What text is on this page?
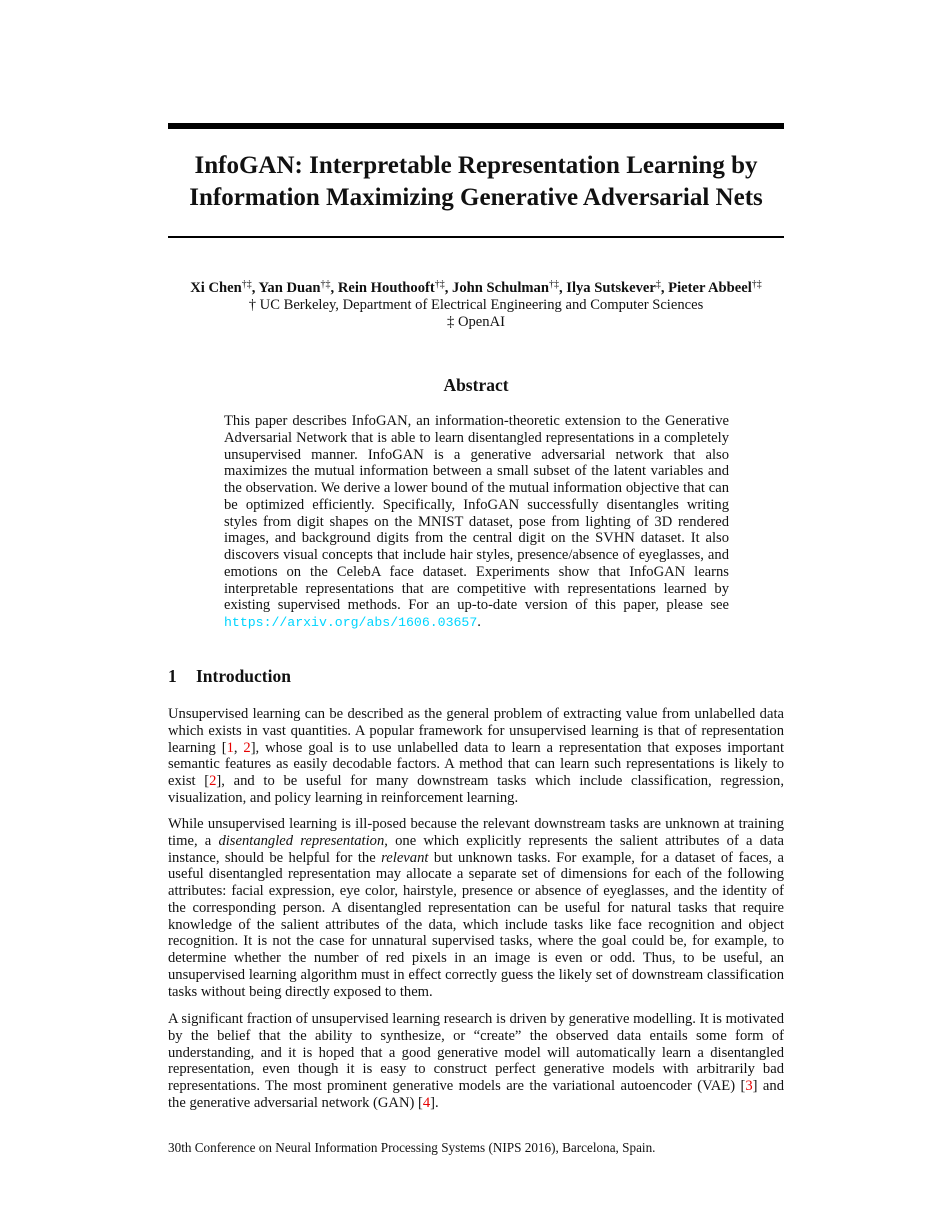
InfoGAN: Interpretable Representation Learning by
Information Maximizing Generative Adversarial Nets
Xi Chen†‡, Yan Duan†‡, Rein Houthooft†‡, John Schulman†‡, Ilya Sutskever‡, Pieter Abbeel†‡
† UC Berkeley, Department of Electrical Engineering and Computer Sciences
‡ OpenAI
Abstract

This paper describes InfoGAN, an information-theoretic extension to the Generative Adversarial Network that is able to learn disentangled representations in a completely unsupervised manner. InfoGAN is a generative adversarial network that also maximizes the mutual information between a small subset of the latent variables and the observation. We derive a lower bound of the mutual information objective that can be optimized efficiently. Specifically, InfoGAN successfully disentangles writing styles from digit shapes on the MNIST dataset, pose from lighting of 3D rendered images, and background digits from the central digit on the SVHN dataset. It also discovers visual concepts that include hair styles, presence/absence of eyeglasses, and emotions on the CelebA face dataset. Experiments show that InfoGAN learns interpretable representations that are competitive with representations learned by existing supervised methods. For an up-to-date version of this paper, please see https://arxiv.org/abs/1606.03657.

1 Introduction

Unsupervised learning can be described as the general problem of extracting value from unlabelled data which exists in vast quantities. A popular framework for unsupervised learning is that of representation learning [1, 2], whose goal is to use unlabelled data to learn a representation that exposes important semantic features as easily decodable factors. A method that can learn such representations is likely to exist [2], and to be useful for many downstream tasks which include classification, regression, visualization, and policy learning in reinforcement learning.

While unsupervised learning is ill-posed because the relevant downstream tasks are unknown at training time, a disentangled representation, one which explicitly represents the salient attributes of a data instance, should be helpful for the relevant but unknown tasks. For example, for a dataset of faces, a useful disentangled representation may allocate a separate set of dimensions for each of the following attributes: facial expression, eye color, hairstyle, presence or absence of eyeglasses, and the identity of the corresponding person. A disentangled representation can be useful for natural tasks that require knowledge of the salient attributes of the data, which include tasks like face recognition and object recognition. It is not the case for unnatural supervised tasks, where the goal could be, for example, to determine whether the number of red pixels in an image is even or odd. Thus, to be useful, an unsupervised learning algorithm must in effect correctly guess the likely set of downstream classification tasks without being directly exposed to them.

A significant fraction of unsupervised learning research is driven by generative modelling. It is motivated by the belief that the ability to synthesize, or “create” the observed data entails some form of understanding, and it is hoped that a good generative model will automatically learn a disentangled representation, even though it is easy to construct perfect generative models with arbitrarily bad representations. The most prominent generative models are the variational autoencoder (VAE) [3] and the generative adversarial network (GAN) [4].

30th Conference on Neural Information Processing Systems (NIPS 2016), Barcelona, Spain.
